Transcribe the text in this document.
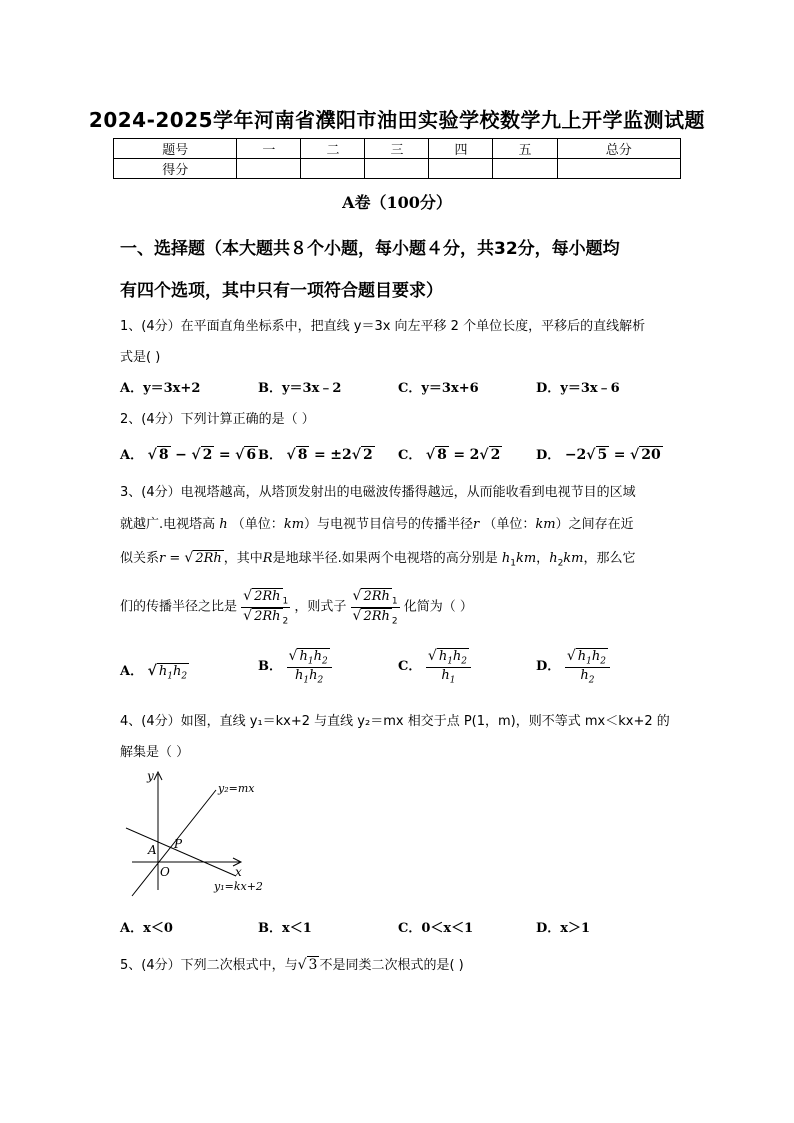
2024-2025学年河南省濮阳市油田实验学校数学九上开学监测试题
题号	一	二	三	四	五	总分
得分						
A卷（100分）
一、选择题（本大题共８个小题，每小题４分，共32分，每小题均
有四个选项，其中只有一项符合题目要求）
1、(4分）在平面直角坐标系中，把直线 y＝3x 向左平移 2 个单位长度，平移后的直线解析
式是( )
A．y＝3x+2	B．y＝3x﹣2	C．y＝3x+6	D．y＝3x﹣6
2、(4分）下列计算正确的是（ ）
A． √ 8 − √ 2 = √ 6 B． √ 8 = ±2√ 2 C． √ 8 = 2√ 2	D． −2√ 5 = √ 20
3、(4分）电视塔越高，从塔顶发射出的电磁波传播得越远，从而能收看到电视节目的区域
就越广.电视塔高 h （单位：km）与电视节目信号的传播半径r （单位：km）之间存在近
似关系r = √ 2Rh ，其中R是地球半径.如果两个电视塔的高分别是 $h_1km$，$h_2km$，那么它
们的传播半径之比是 $\frac{√ 2Rh _1}{√ 2Rh _2}$ ，则式子 $\frac{√ 2Rh _1}{√ 2Rh _2}$ 化简为（ ）
A． √ $h_1h_2$
B． $\frac{√ h_1h_2}{h_1h_2}$	C． $\frac{√ h_1h_2}{h_1}$	D． $\frac{√ h_1h_2}{h_2}$
4、(4分）如图，直线 y₁＝kx+2 与直线 y₂＝mx 相交于点 P(1，m)，则不等式 mx＜kx+2 的
解集是（ ）
y
x
O
A P
y₂=mx
y₁=kx+2
A．x＜0	B．x＜1	C．0＜x＜1	D．x＞1
5、(4分）下列二次根式中，与√ 3 不是同类二次根式的是( )
